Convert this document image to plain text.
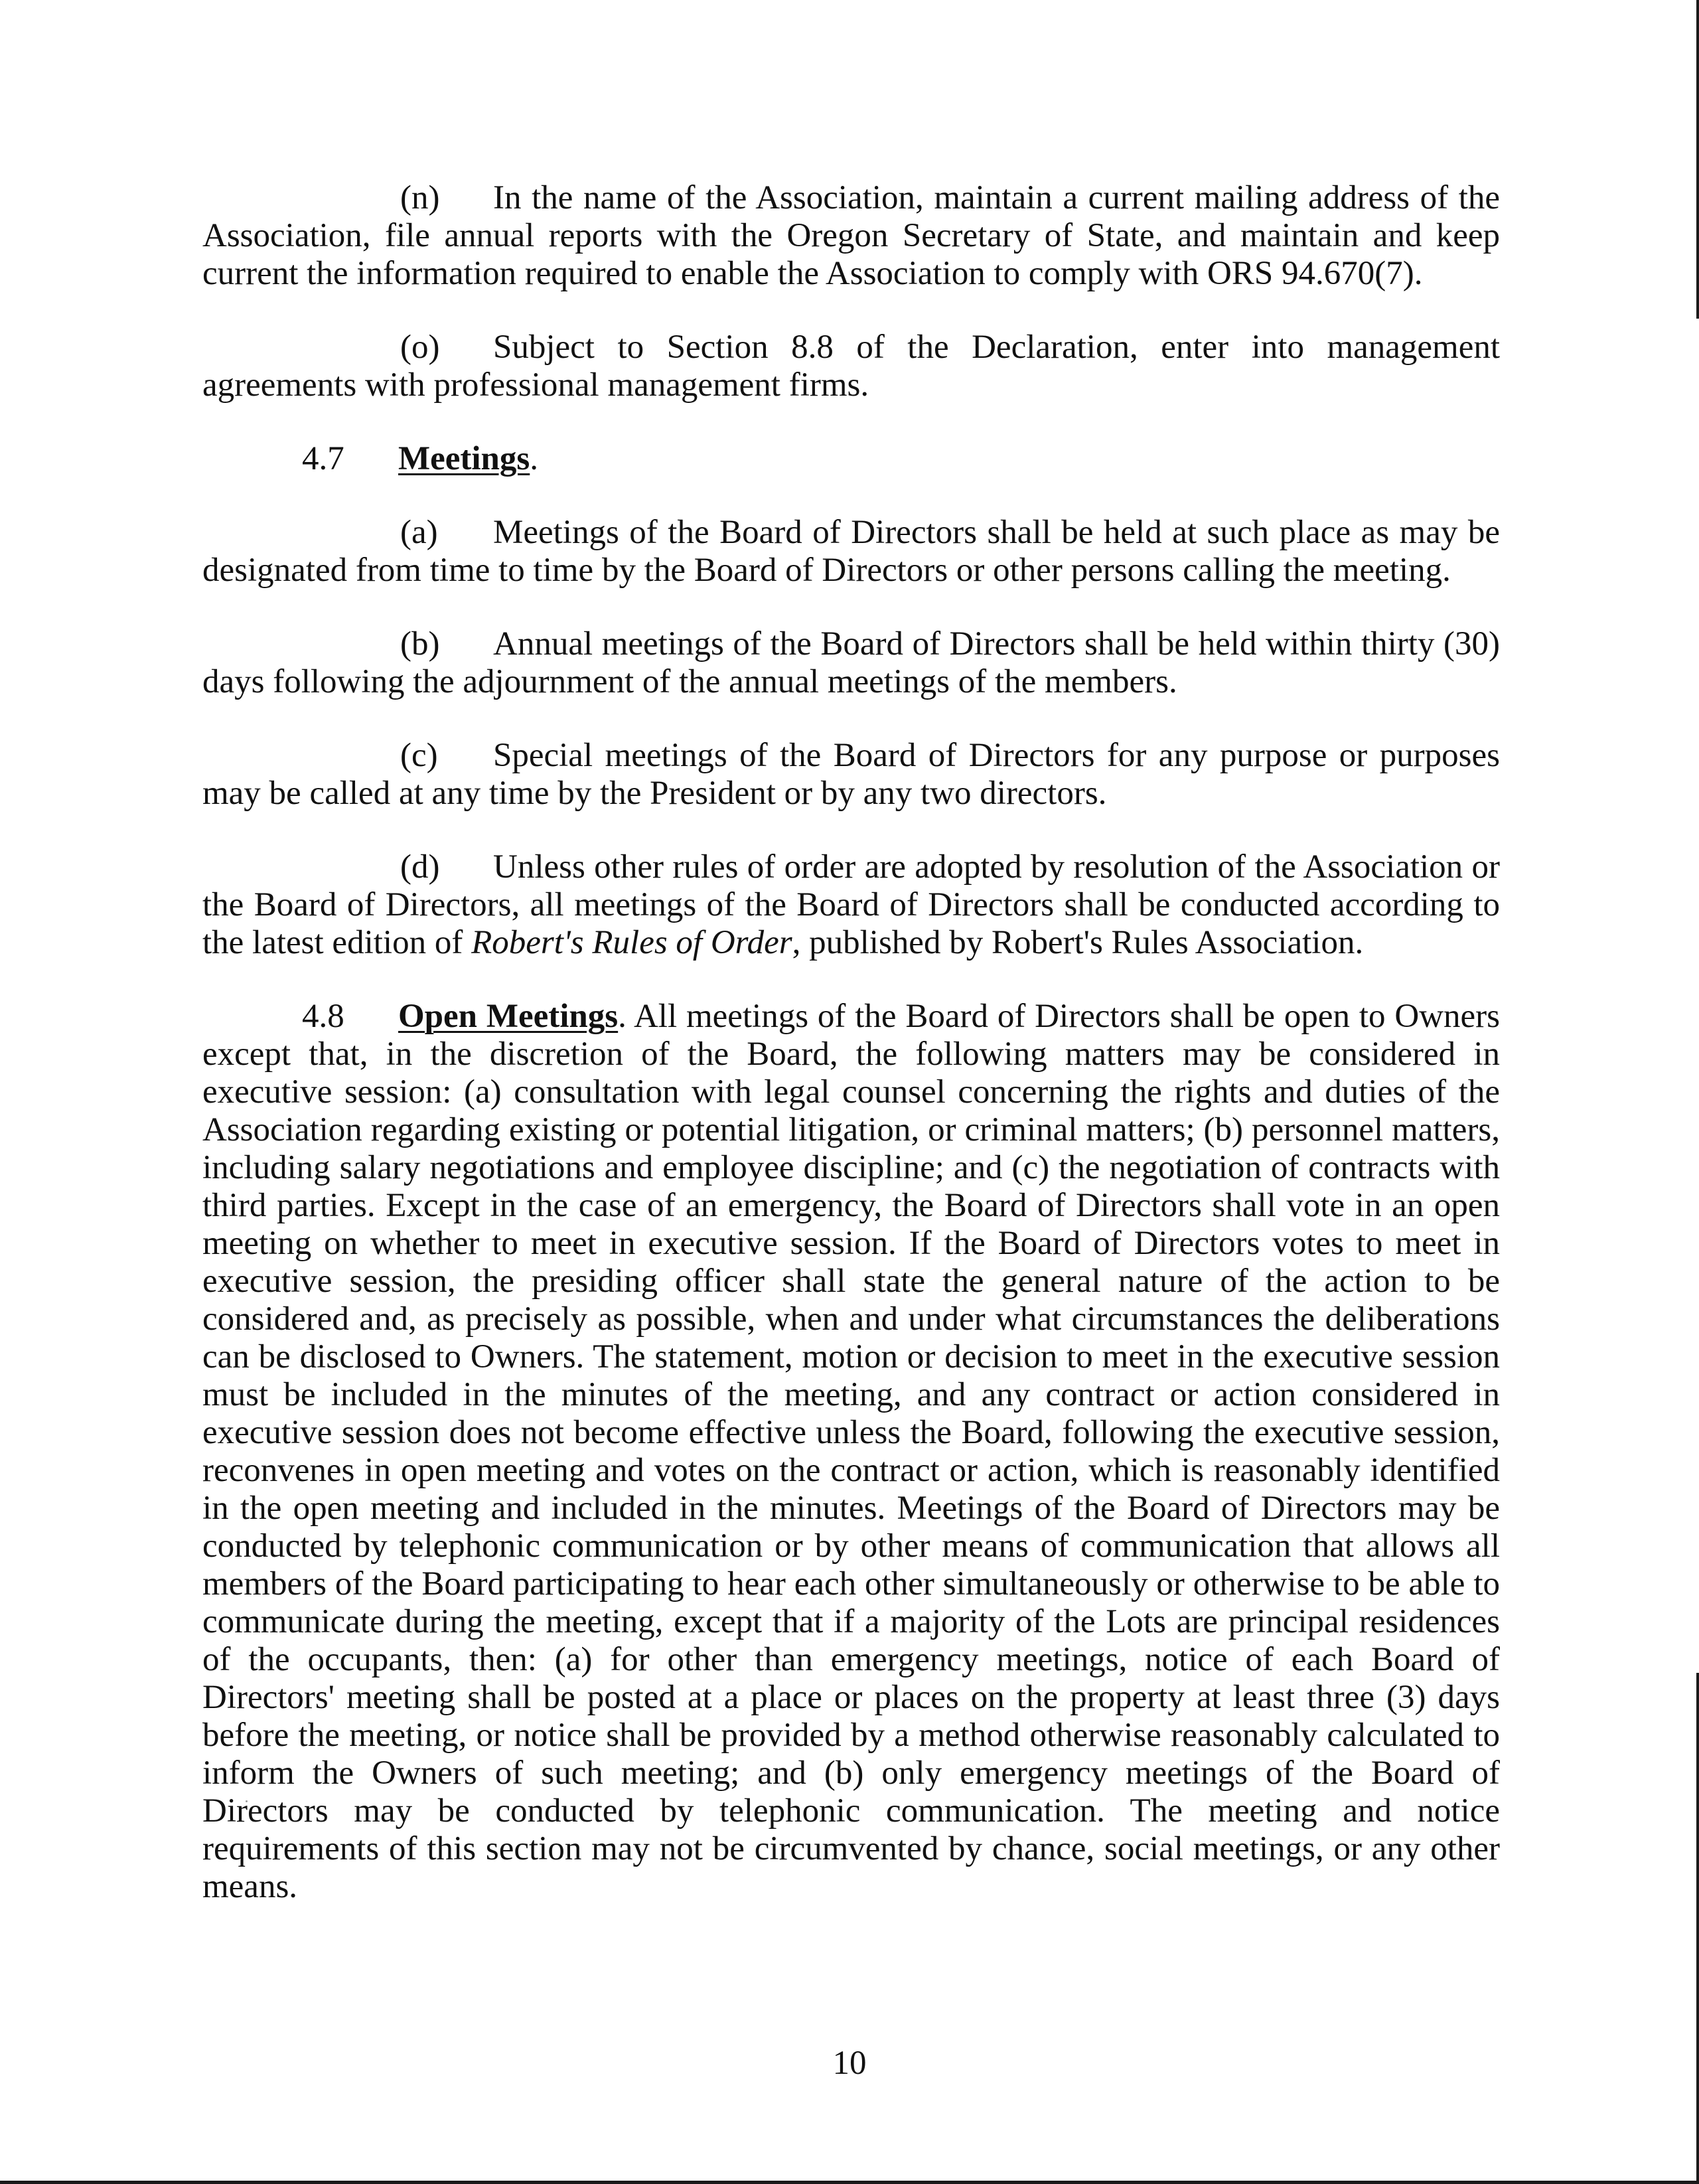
(n) In the name of the Association, maintain a current mailing address of the Association, file annual reports with the Oregon Secretary of State, and maintain and keep current the information required to enable the Association to comply with ORS 94.670(7).

(o) Subject to Section 8.8 of the Declaration, enter into management agreements with professional management firms.

4.7 Meetings.

(a) Meetings of the Board of Directors shall be held at such place as may be designated from time to time by the Board of Directors or other persons calling the meeting.

(b) Annual meetings of the Board of Directors shall be held within thirty (30) days following the adjournment of the annual meetings of the members.

(c) Special meetings of the Board of Directors for any purpose or purposes may be called at any time by the President or by any two directors.

(d) Unless other rules of order are adopted by resolution of the Association or the Board of Directors, all meetings of the Board of Directors shall be conducted according to the latest edition of Robert's Rules of Order, published by Robert's Rules Association.

4.8 Open Meetings. All meetings of the Board of Directors shall be open to Owners except that, in the discretion of the Board, the following matters may be considered in executive session: (a) consultation with legal counsel concerning the rights and duties of the Association regarding existing or potential litigation, or criminal matters; (b) personnel matters, including salary negotiations and employee discipline; and (c) the negotiation of contracts with third parties. Except in the case of an emergency, the Board of Directors shall vote in an open meeting on whether to meet in executive session. If the Board of Directors votes to meet in executive session, the presiding officer shall state the general nature of the action to be considered and, as precisely as possible, when and under what circumstances the deliberations can be disclosed to Owners. The statement, motion or decision to meet in the executive session must be included in the minutes of the meeting, and any contract or action considered in executive session does not become effective unless the Board, following the executive session, reconvenes in open meeting and votes on the contract or action, which is reasonably identified in the open meeting and included in the minutes. Meetings of the Board of Directors may be conducted by telephonic communication or by other means of communication that allows all members of the Board participating to hear each other simultaneously or otherwise to be able to communicate during the meeting, except that if a majority of the Lots are principal residences of the occupants, then: (a) for other than emergency meetings, notice of each Board of Directors' meeting shall be posted at a place or places on the property at least three (3) days before the meeting, or notice shall be provided by a method otherwise reasonably calculated to inform the Owners of such meeting; and (b) only emergency meetings of the Board of Directors may be conducted by telephonic communication. The meeting and notice requirements of this section may not be circumvented by chance, social meetings, or any other means.

10
